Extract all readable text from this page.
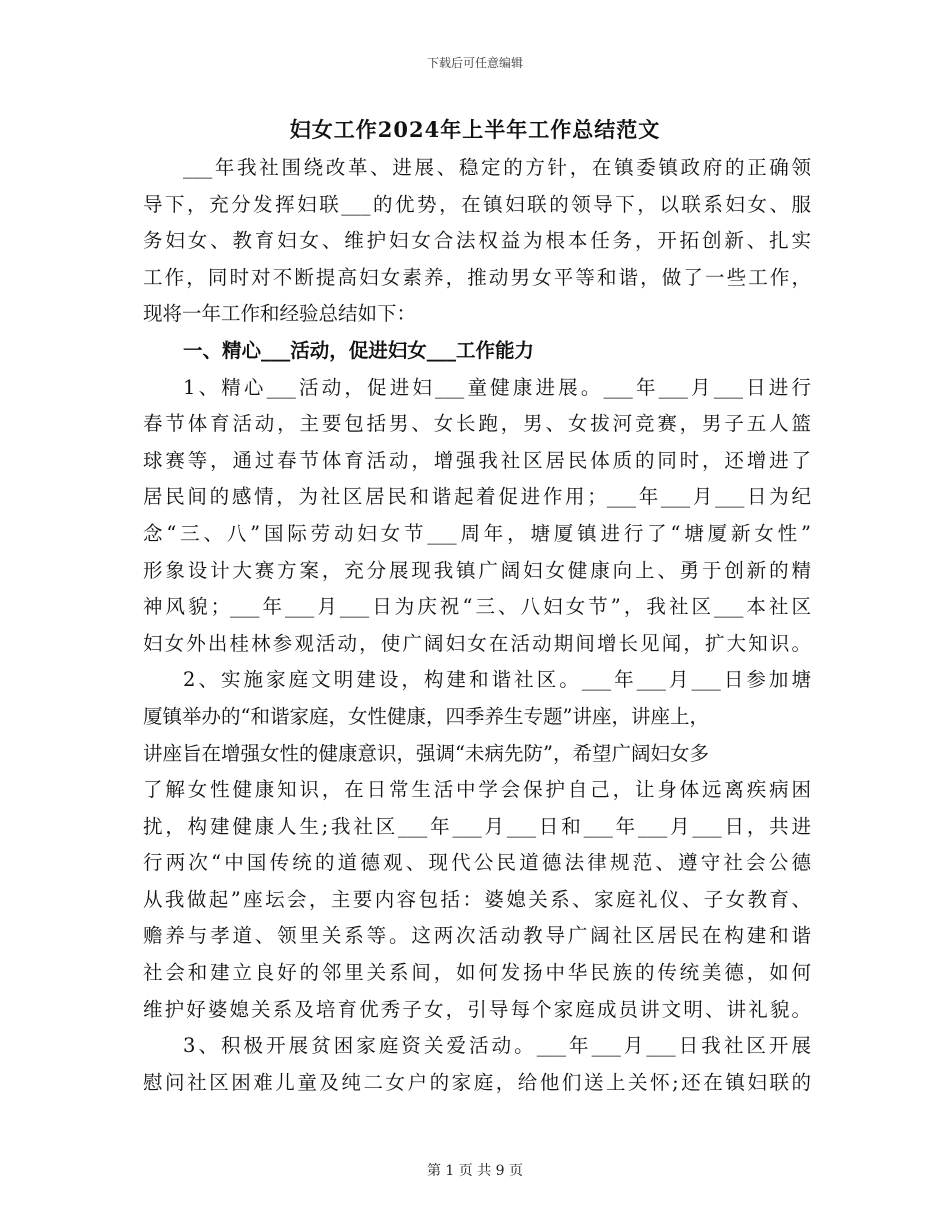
下载后可任意编辑
妇女工作2024年上半年工作总结范文
___年我社围绕改革、进展、稳定的方针，在镇委镇政府的正确领
导下，充分发挥妇联___的优势，在镇妇联的领导下，以联系妇女、服
务妇女、教育妇女、维护妇女合法权益为根本任务，开拓创新、扎实
工作，同时对不断提高妇女素养，推动男女平等和谐，做了一些工作，
现将一年工作和经验总结如下：
一、精心___活动，促进妇女___工作能力
1、精心___活动，促进妇___童健康进展。___年___月___日进行
春节体育活动，主要包括男、女长跑，男、女拔河竞赛，男子五人篮
球赛等，通过春节体育活动，增强我社区居民体质的同时，还增进了
居民间的感情，为社区居民和谐起着促进作用；___年___月___日为纪
念“三、八”国际劳动妇女节___周年，塘厦镇进行了“塘厦新女性”
形象设计大赛方案，充分展现我镇广阔妇女健康向上、勇于创新的精
神风貌；___年___月___日为庆祝“三、八妇女节”，我社区___本社区
妇女外出桂林参观活动，使广阔妇女在活动期间增长见闻，扩大知识。
2、实施家庭文明建设，构建和谐社区。___年___月___日参加塘
厦镇举办的“和谐家庭，女性健康，四季养生专题”讲座，讲座上，
讲座旨在增强女性的健康意识，强调“未病先防”，希望广阔妇女多
了解女性健康知识，在日常生活中学会保护自己，让身体远离疾病困
扰，构建健康人生;我社区___年___月___日和___年___月___日，共进
行两次“中国传统的道德观、现代公民道德法律规范、遵守社会公德
从我做起”座坛会，主要内容包括：婆媳关系、家庭礼仪、子女教育、
赡养与孝道、领里关系等。这两次活动教导广阔社区居民在构建和谐
社会和建立良好的邻里关系间，如何发扬中华民族的传统美德，如何
维护好婆媳关系及培育优秀子女，引导每个家庭成员讲文明、讲礼貌。
3、积极开展贫困家庭资关爱活动。___年___月___日我社区开展
慰问社区困难儿童及纯二女户的家庭，给他们送上关怀;还在镇妇联的
第 1 页 共 9 页
